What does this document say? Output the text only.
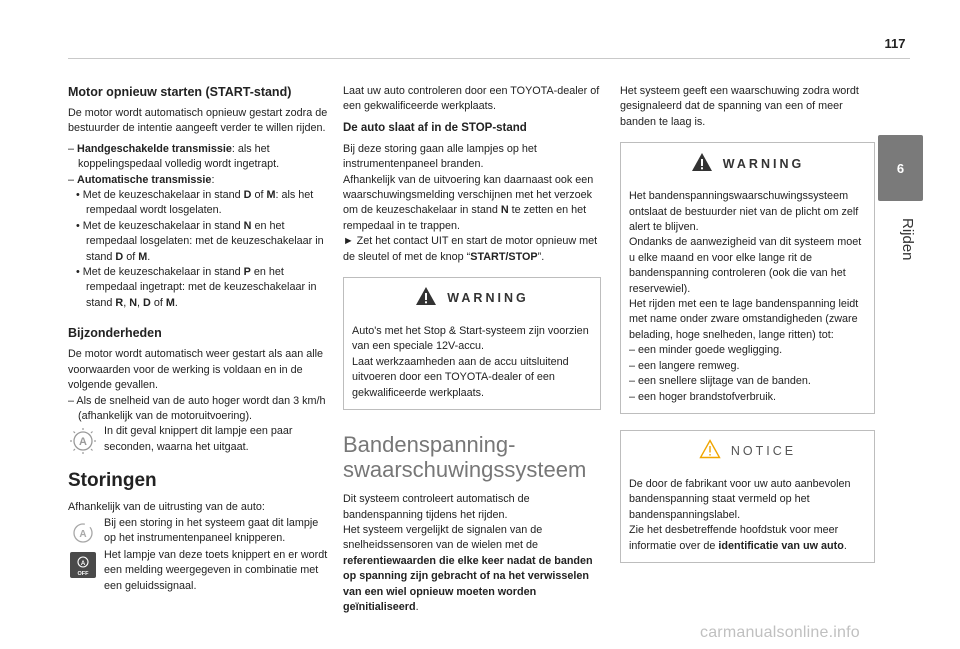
117
6
Rijden
Motor opnieuw starten (START-stand)

De motor wordt automatisch opnieuw gestart zodra de bestuurder de intentie aangeeft verder te willen rijden.

– Handgeschakelde transmissie: als het koppelingspedaal volledig wordt ingetrapt.
– Automatische transmissie:
• Met de keuzeschakelaar in stand D of M: als het rempedaal wordt losgelaten.
• Met de keuzeschakelaar in stand N en het rempedaal losgelaten: met de keuzeschakelaar in stand D of M.
• Met de keuzeschakelaar in stand P en het rempedaal ingetrapt: met de keuzeschakelaar in stand R, N, D of M.
Bijzonderheden

De motor wordt automatisch weer gestart als aan alle voorwaarden voor de werking is voldaan en in de volgende gevallen.

– Als de snelheid van de auto hoger wordt dan 3 km/h (afhankelijk van de motoruitvoering).
A
In dit geval knippert dit lampje een paar seconden, waarna het uitgaat.
Storingen

Afhankelijk van de uitrusting van de auto:

A
Bij een storing in het systeem gaat dit lampje op het instrumentenpaneel knipperen.
A
OFF
Het lampje van deze toets knippert en er wordt een melding weergegeven in combinatie met een geluidssignaal.

Laat uw auto controleren door een TOYOTA-dealer of een gekwalificeerde werkplaats.

De auto slaat af in de STOP-stand

Bij deze storing gaan alle lampjes op het instrumentenpaneel branden.
Afhankelijk van de uitvoering kan daarnaast ook een waarschuwingsmelding verschijnen met het verzoek om de keuzeschakelaar in stand N te zetten en het rempedaal in te trappen.
► Zet het contact UIT en start de motor opnieuw met de sleutel of met de knop “START/STOP”.

WARNING
Auto's met het Stop & Start-systeem zijn voorzien van een speciale 12V-accu.
Laat werkzaamheden aan de accu uitsluitend uitvoeren door een TOYOTA-dealer of een gekwalificeerde werkplaats.
Bandenspanning-swaarschuwingssysteem

Dit systeem controleert automatisch de bandenspanning tijdens het rijden.
Het systeem vergelijkt de signalen van de snelheidssensoren van de wielen met de referentiewaarden die elke keer nadat de banden op spanning zijn gebracht of na het verwisselen van een wiel opnieuw moeten worden geïnitialiseerd.

Het systeem geeft een waarschuwing zodra wordt gesignaleerd dat de spanning van een of meer banden te laag is.

WARNING
Het bandenspanningswaarschuwingssysteem ontslaat de bestuurder niet van de plicht om zelf alert te blijven.
Ondanks de aanwezigheid van dit systeem moet u elke maand en voor elke lange rit de bandenspanning controleren (ook die van het reservewiel).
Het rijden met een te lage bandenspanning leidt met name onder zware omstandigheden (zware belading, hoge snelheden, lange ritten) tot:
– een minder goede wegligging.
– een langere remweg.
– een snellere slijtage van de banden.
– een hoger brandstofverbruik.
NOTICE
De door de fabrikant voor uw auto aanbevolen bandenspanning staat vermeld op het bandenspanningslabel.
Zie het desbetreffende hoofdstuk voor meer informatie over de identificatie van uw auto.
carmanualsonline.info
